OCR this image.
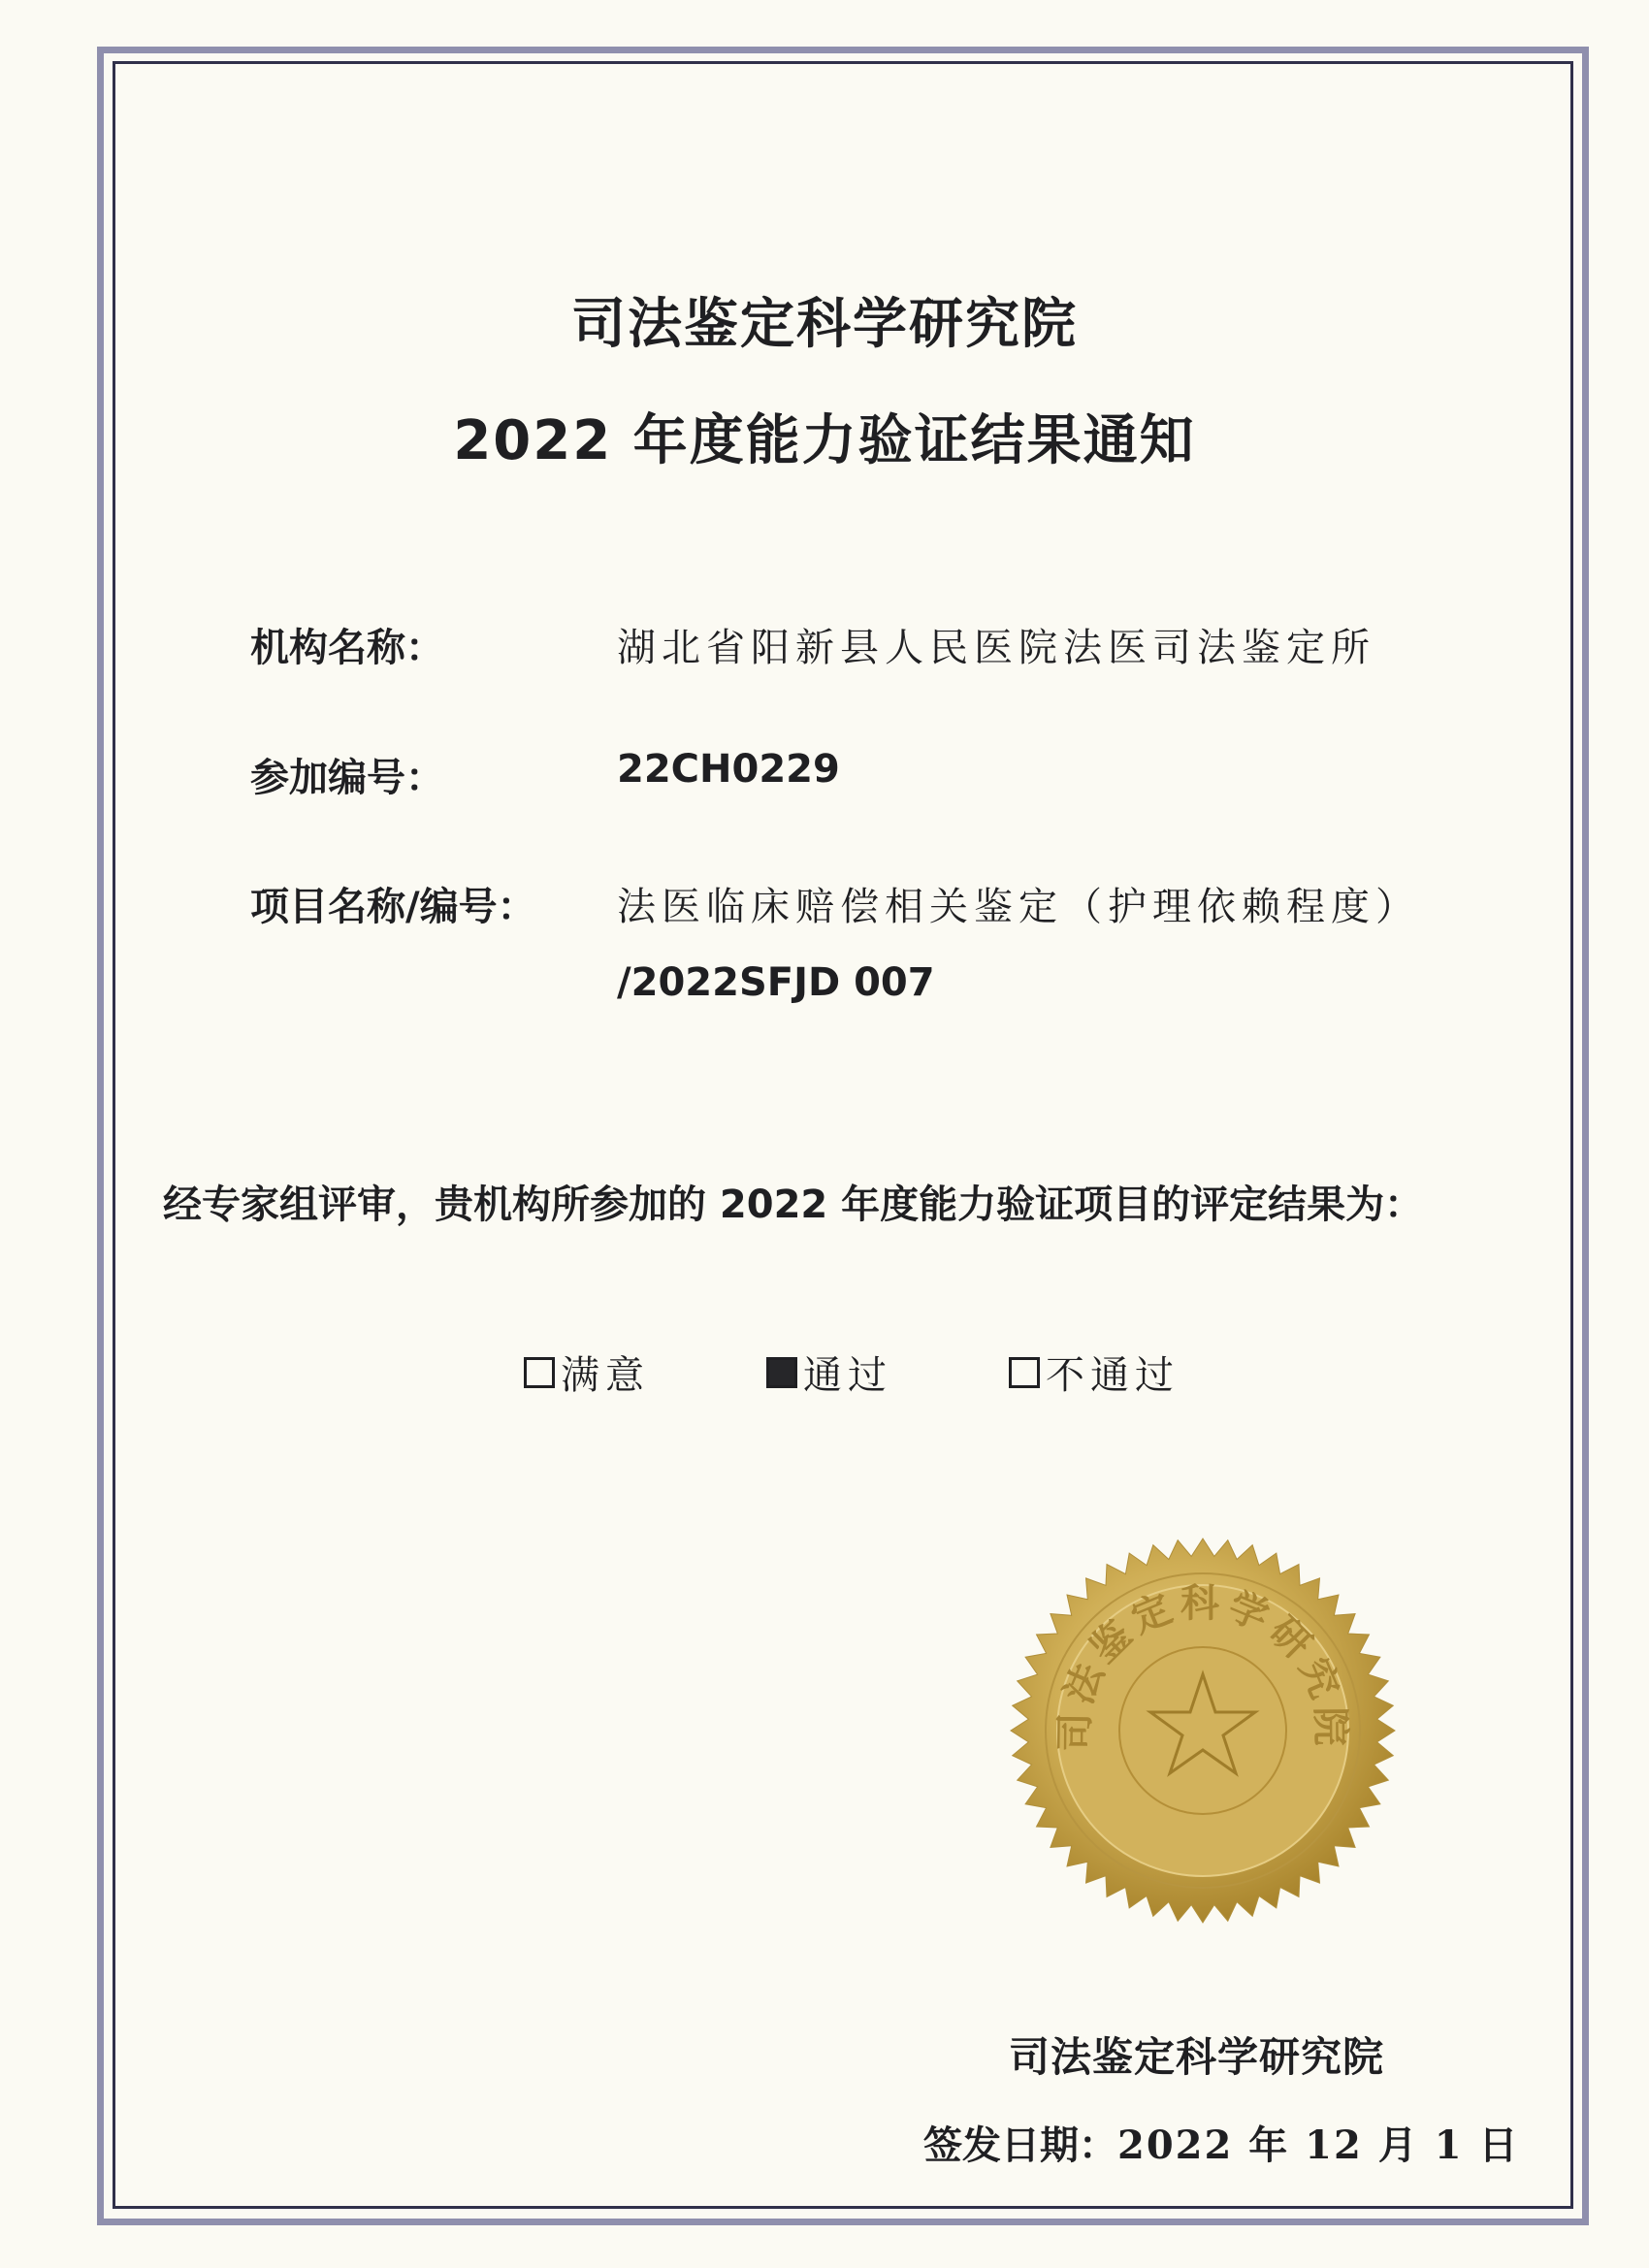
司法鉴定科学研究院
2022 年度能力验证结果通知
机构名称：	湖北省阳新县人民医院法医司法鉴定所
参加编号：	22CH0229
项目名称/编号： 法医临床赔偿相关鉴定（护理依赖程度）
/2022SFJD 007
经专家组评审，贵机构所参加的 2022 年度能力验证项目的评定结果为：
满意	通过	不通过
司法鉴定科学研究院
司法鉴定科学研究院
签发日期：2022 年 12 月 1 日
